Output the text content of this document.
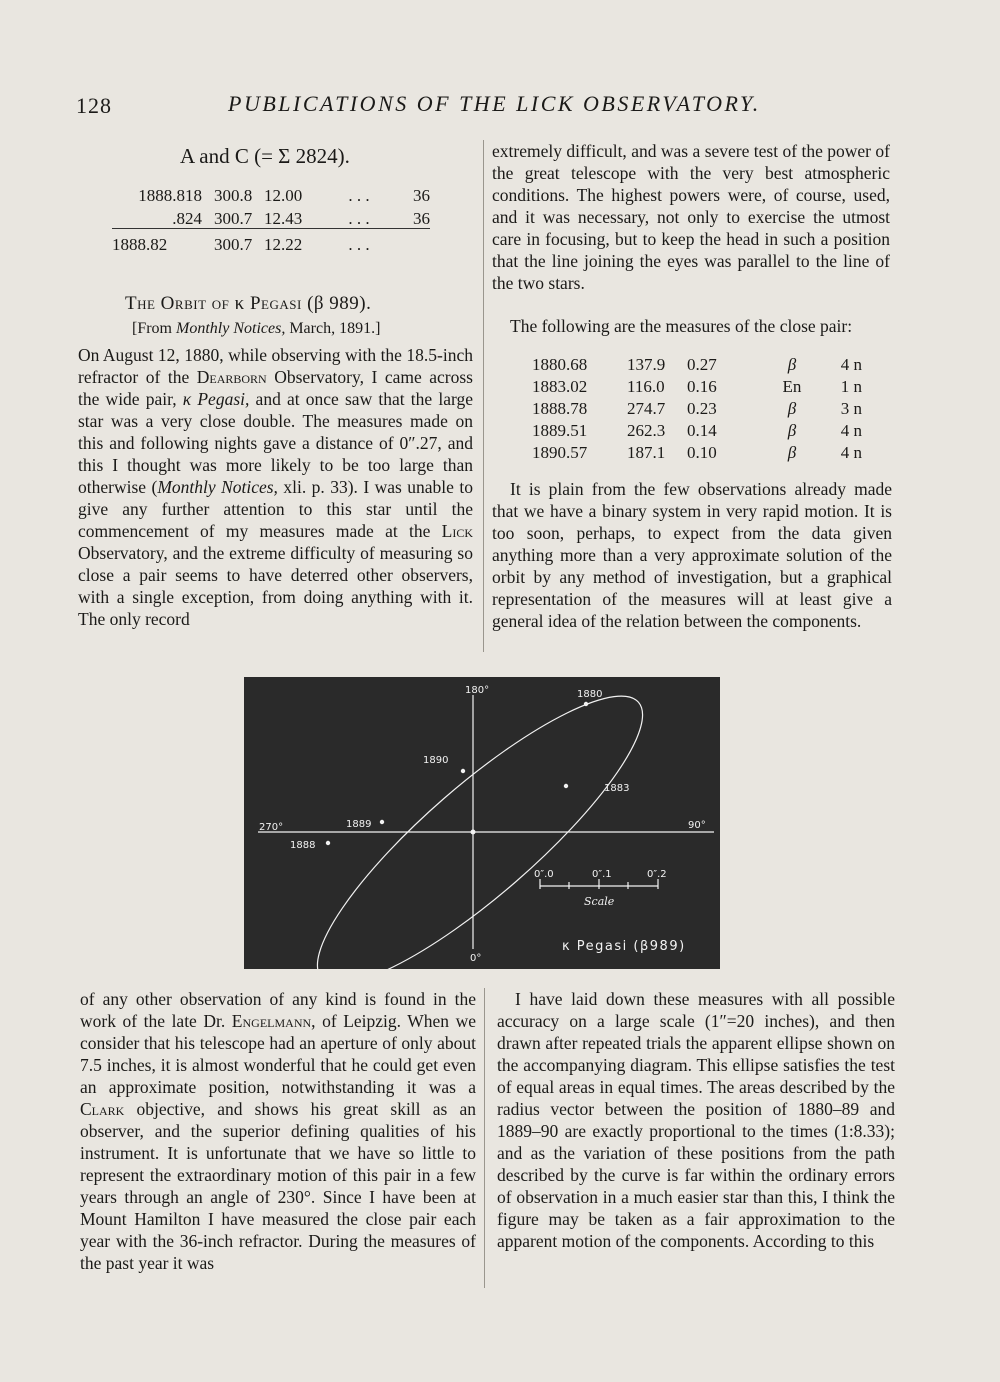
128	PUBLICATIONS OF THE LICK OBSERVATORY.
A and C (= Σ 2824).
1888.818	300.8	12.00	. . .	36
.824	300.7	12.43	. . .	36
1888.82	300.7	12.22	. . .	
The Orbit of κ Pegasi (β 989).
[From Monthly Notices, March, 1891.]

On August 12, 1880, while observing with the 18.5-inch refractor of the Dearborn Observatory, I came across the wide pair, κ Pegasi, and at once saw that the large star was a very close double. The measures made on this and following nights gave a distance of 0″.27, and this I thought was more likely to be too large than otherwise (Monthly Notices, xli. p. 33). I was unable to give any further attention to this star until the commencement of my measures made at the Lick Observatory, and the extreme difficulty of measuring so close a pair seems to have deterred other observers, with a single exception, from doing anything with it. The only record

extremely difficult, and was a severe test of the power of the great telescope with the very best atmospheric conditions. The highest powers were, of course, used, and it was necessary, not only to exercise the utmost care in focusing, but to keep the head in such a position that the line joining the eyes was parallel to the line of the two stars.

The following are the measures of the close pair:
1880.68	137.9	0.27	β	4 n
1883.02	116.0	0.16	En	1 n
1888.78	274.7	0.23	β	3 n
1889.51	262.3	0.14	β	4 n
1890.57	187.1	0.10	β	4 n

It is plain from the few observations already made that we have a binary system in very rapid motion. It is too soon, perhaps, to expect from the data given anything more than a very approximate solution of the orbit by any method of investigation, but a graphical representation of the measures will at least give a general idea of the relation between the components.

180°
0°
90°
270°
1880
1883
1890
1889
1888
0″.0	0″.1	0″.2
Scale
κ Pegasi (β989)

of any other observation of any kind is found in the work of the late Dr. Engelmann, of Leipzig. When we consider that his telescope had an aperture of only about 7.5 inches, it is almost wonderful that he could get even an approximate position, notwithstanding it was a Clark objective, and shows his great skill as an observer, and the superior defining qualities of his instrument. It is unfortunate that we have so little to represent the extraordinary motion of this pair in a few years through an angle of 230°. Since I have been at Mount Hamilton I have measured the close pair each year with the 36-inch refractor. During the measures of the past year it was

I have laid down these measures with all possible accuracy on a large scale (1″=20 inches), and then drawn after repeated trials the apparent ellipse shown on the accompanying diagram. This ellipse satisfies the test of equal areas in equal times. The areas described by the radius vector between the position of 1880–89 and 1889–90 are exactly proportional to the times (1:8.33); and as the variation of these positions from the path described by the curve is far within the ordinary errors of observation in a much easier star than this, I think the figure may be taken as a fair approximation to the apparent motion of the components. According to this
